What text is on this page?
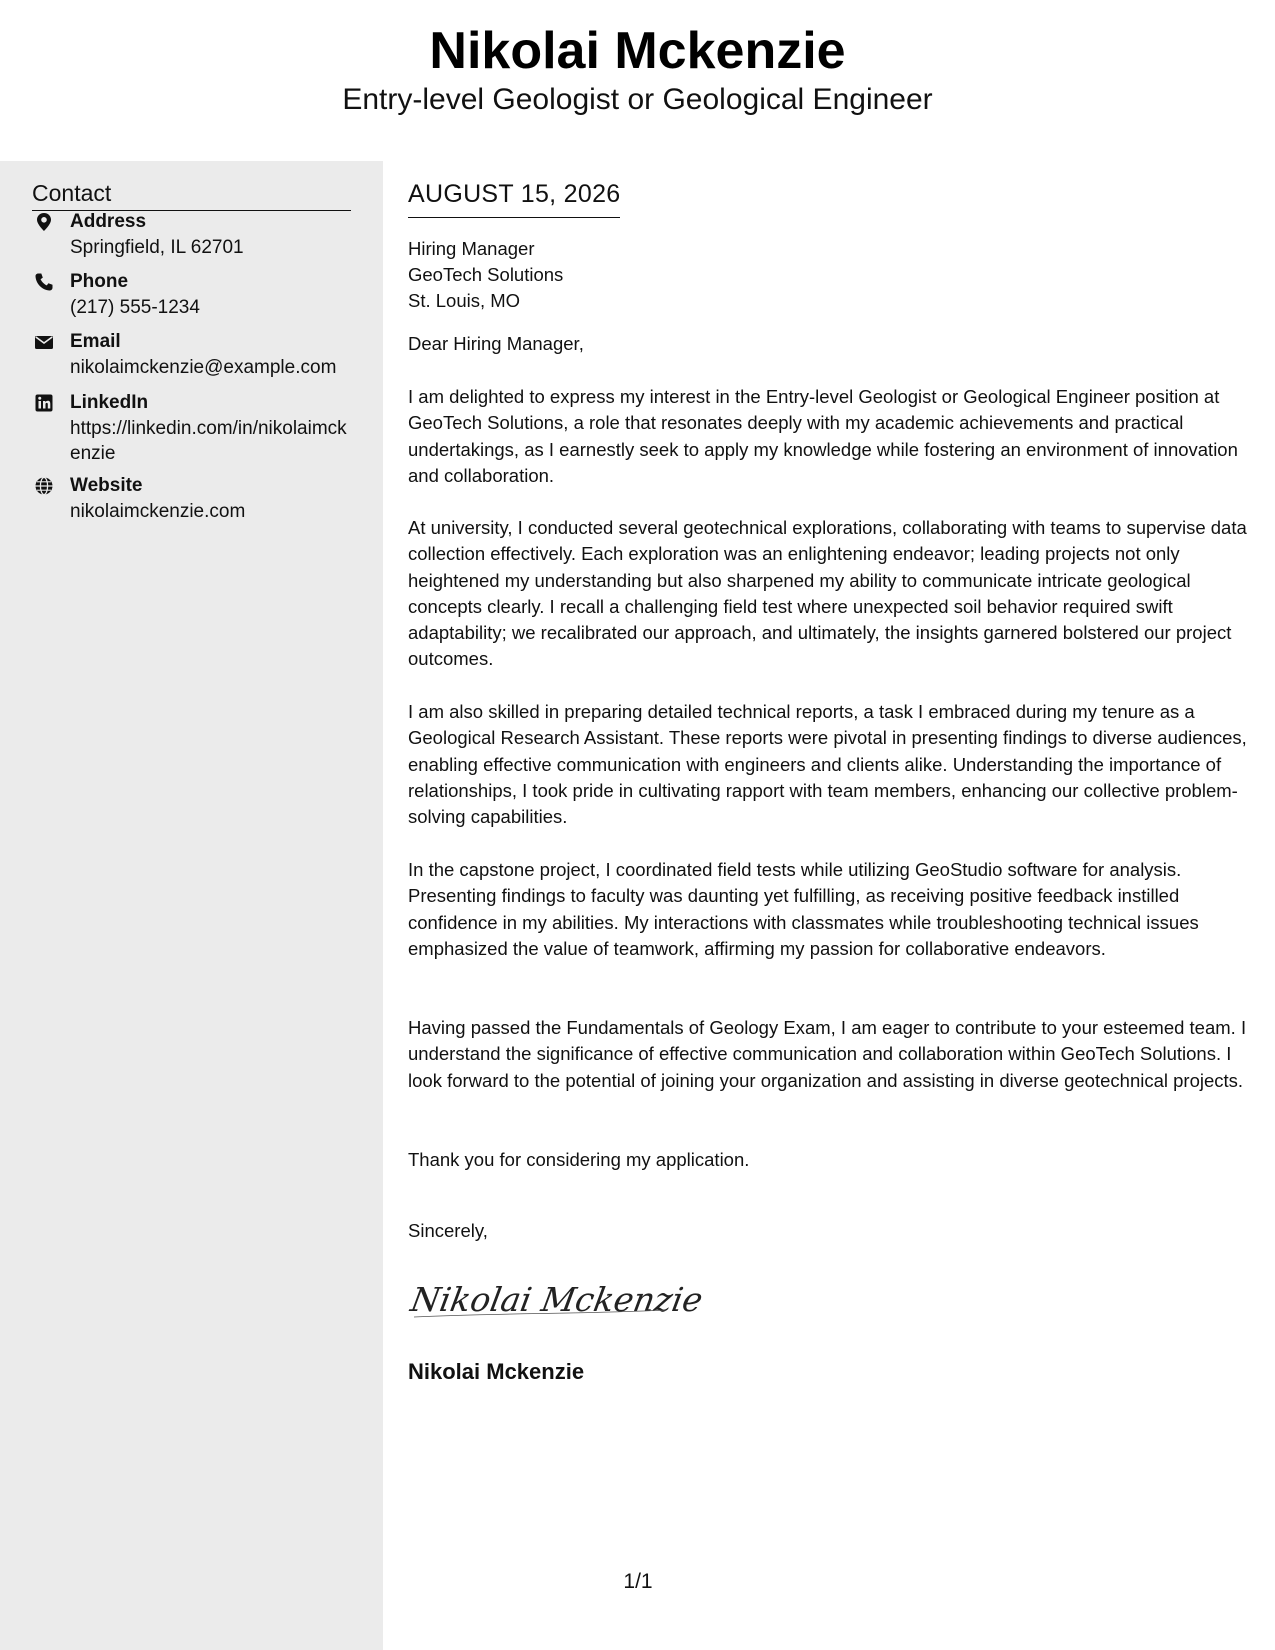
Nikolai Mckenzie
Entry-level Geologist or Geological Engineer
Contact
Address
Springfield, IL 62701
Phone
(217) 555-1234
Email
nikolaimckenzie@example.com
LinkedIn
https://linkedin.com/in/nikolaimckenzie
Website
nikolaimckenzie.com
AUGUST 15, 2026
Hiring Manager
GeoTech Solutions
St. Louis, MO
Dear Hiring Manager,
I am delighted to express my interest in the Entry-level Geologist or Geological Engineer position at GeoTech Solutions, a role that resonates deeply with my academic achievements and practical undertakings, as I earnestly seek to apply my knowledge while fostering an environment of innovation and collaboration.
At university, I conducted several geotechnical explorations, collaborating with teams to supervise data collection effectively. Each exploration was an enlightening endeavor; leading projects not only heightened my understanding but also sharpened my ability to communicate intricate geological concepts clearly. I recall a challenging field test where unexpected soil behavior required swift adaptability; we recalibrated our approach, and ultimately, the insights garnered bolstered our project outcomes.
I am also skilled in preparing detailed technical reports, a task I embraced during my tenure as a Geological Research Assistant. These reports were pivotal in presenting findings to diverse audiences, enabling effective communication with engineers and clients alike. Understanding the importance of relationships, I took pride in cultivating rapport with team members, enhancing our collective problem-solving capabilities.
In the capstone project, I coordinated field tests while utilizing GeoStudio software for analysis. Presenting findings to faculty was daunting yet fulfilling, as receiving positive feedback instilled confidence in my abilities. My interactions with classmates while troubleshooting technical issues emphasized the value of teamwork, affirming my passion for collaborative endeavors.
Having passed the Fundamentals of Geology Exam, I am eager to contribute to your esteemed team. I understand the significance of effective communication and collaboration within GeoTech Solutions. I look forward to the potential of joining your organization and assisting in diverse geotechnical projects.
Thank you for considering my application.
Sincerely,
Nikolai Mckenzie
Nikolai Mckenzie
1/1
